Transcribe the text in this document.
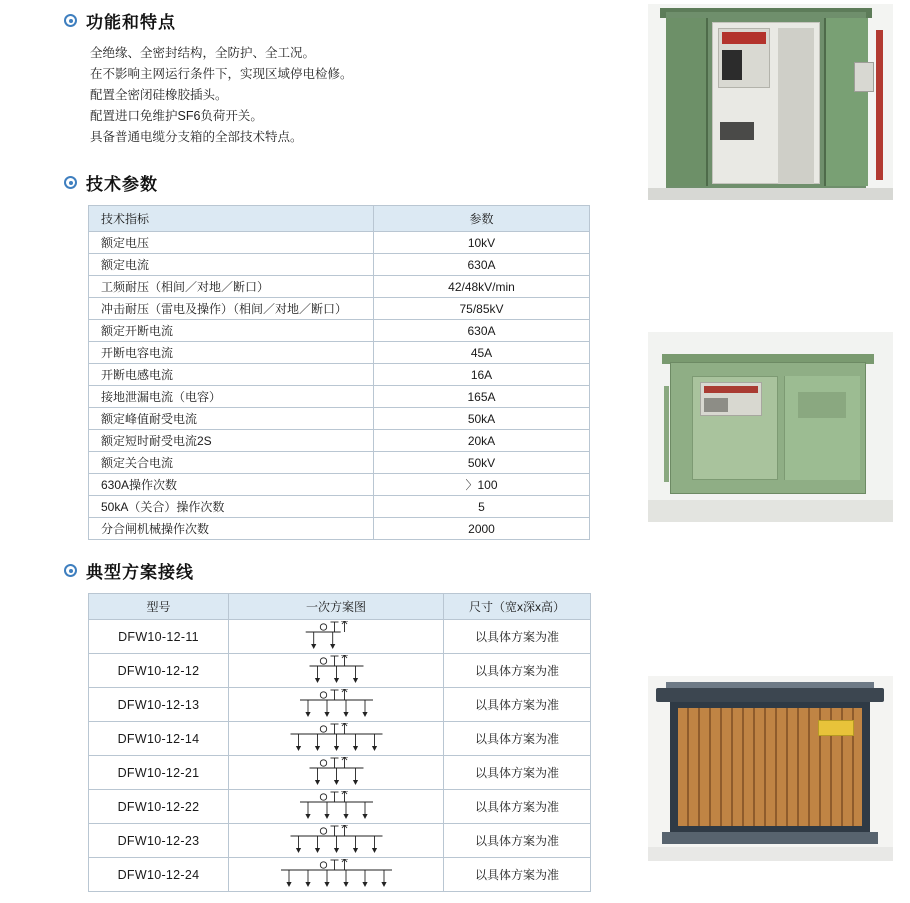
功能和特点
全绝缘、全密封结构，全防护、全工况。
在不影响主网运行条件下，实现区域停电检修。
配置全密闭硅橡胶插头。
配置进口免维护SF6负荷开关。
具备普通电缆分支箱的全部技术特点。
技术参数
技术指标	参数
额定电压	10kV
额定电流	630A
工频耐压（相间／对地／断口）	42/48kV/min
冲击耐压（雷电及操作）（相间／对地／断口）	75/85kV
额定开断电流	630A
开断电容电流	45A
开断电感电流	16A
接地泄漏电流（电容）	165A
额定峰值耐受电流	50kA
额定短时耐受电流2S	20kA
额定关合电流	50kV
630A操作次数	〉100
50kA（关合）操作次数	5
分合闸机械操作次数	2000
典型方案接线
型号	一次方案图	尺寸（宽x深x高）
DFW10-12-11		以具体方案为准
DFW10-12-12		以具体方案为准
DFW10-12-13		以具体方案为准
DFW10-12-14		以具体方案为准
DFW10-12-21		以具体方案为准
DFW10-12-22		以具体方案为准
DFW10-12-23		以具体方案为准
DFW10-12-24		以具体方案为准
